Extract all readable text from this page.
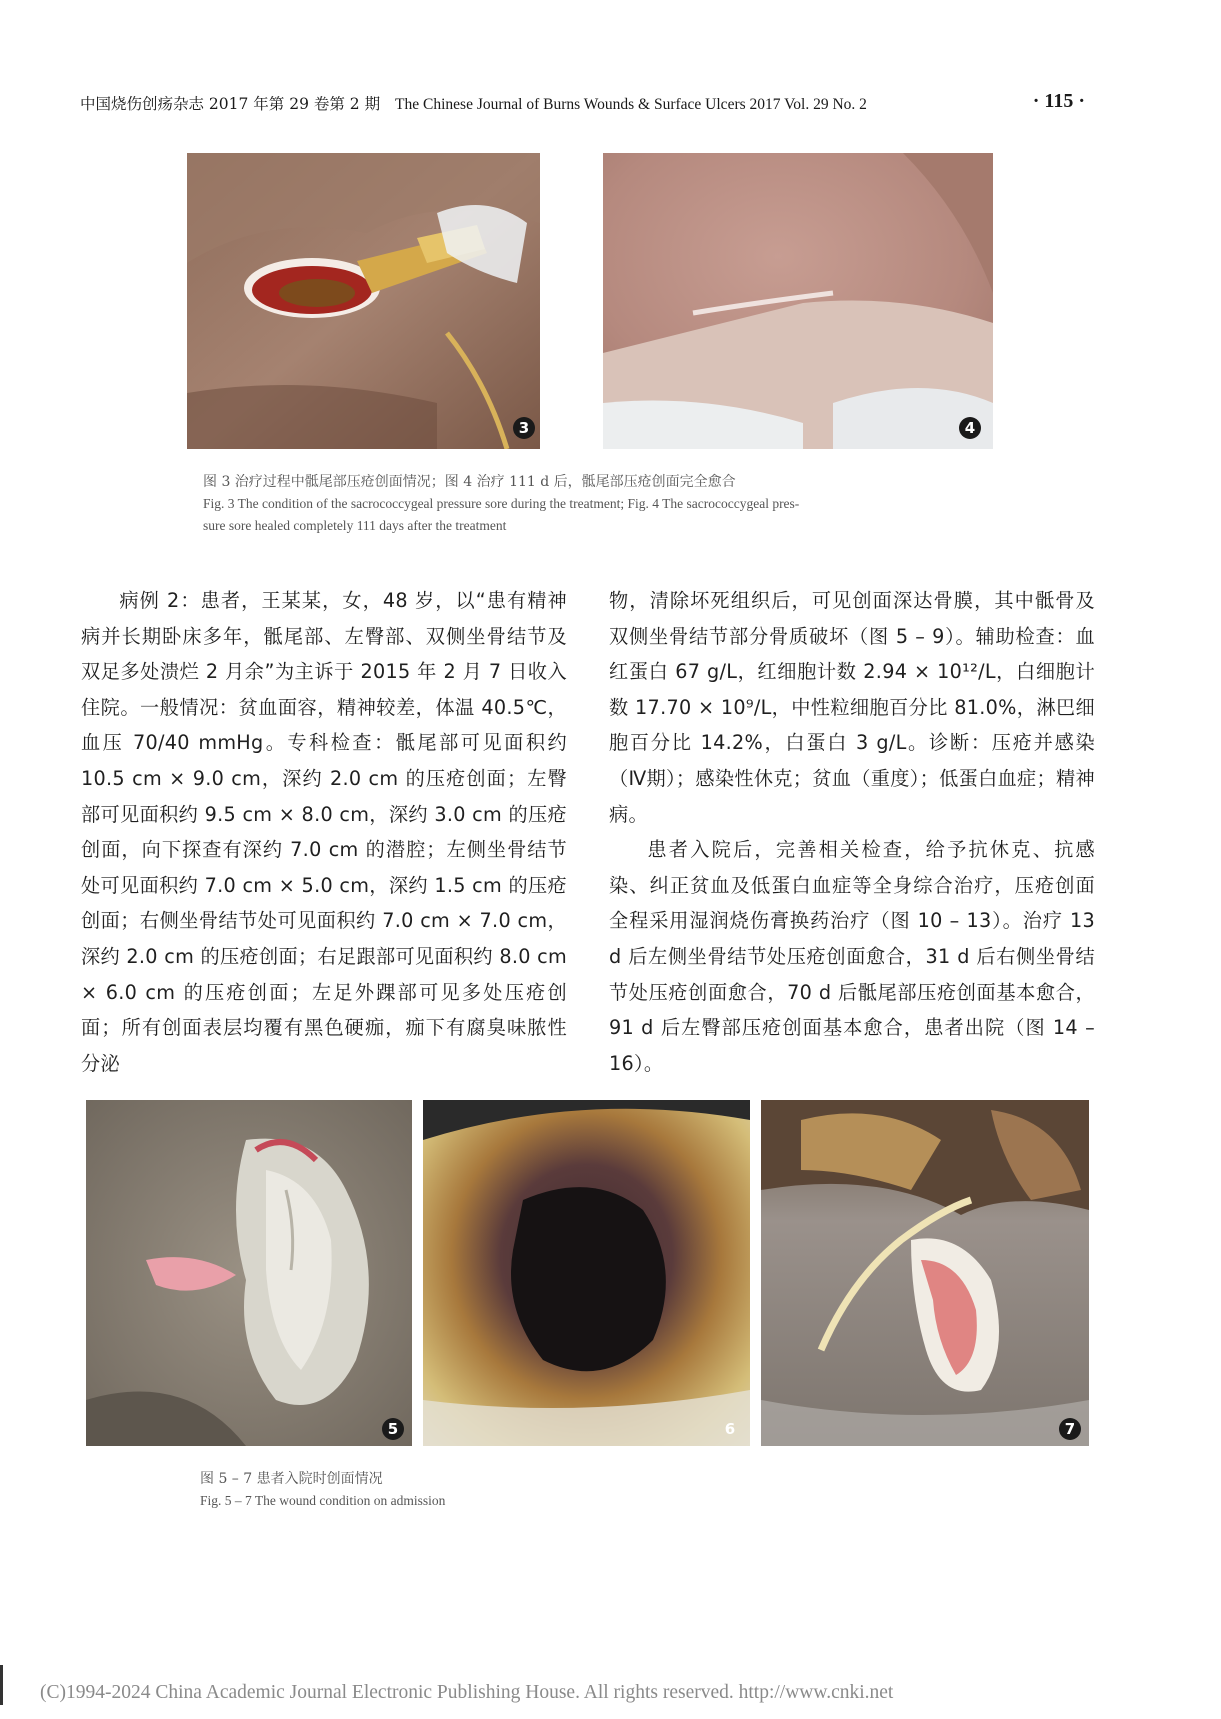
中国烧伤创疡杂志 2017 年第 29 卷第 2 期 The Chinese Journal of Burns Wounds & Surface Ulcers 2017 Vol. 29 No. 2	· 115 ·
3	4
图 3 治疗过程中骶尾部压疮创面情况；图 4 治疗 111 d 后，骶尾部压疮创面完全愈合
Fig. 3 The condition of the sacrococcygeal pressure sore during the treatment; Fig. 4 The sacrococcygeal pres-
sure sore healed completely 111 days after the treatment

病例 2：患者，王某某，女，48 岁，以“患有精神病并长期卧床多年，骶尾部、左臀部、双侧坐骨结节及双足多处溃烂 2 月余”为主诉于 2015 年 2 月 7 日收入住院。一般情况：贫血面容，精神较差，体温 40.5℃，血压 70/40 mmHg。专科检查：骶尾部可见面积约 10.5 cm × 9.0 cm，深约 2.0 cm 的压疮创面；左臀部可见面积约 9.5 cm × 8.0 cm，深约 3.0 cm 的压疮创面，向下探查有深约 7.0 cm 的潜腔；左侧坐骨结节处可见面积约 7.0 cm × 5.0 cm，深约 1.5 cm 的压疮创面；右侧坐骨结节处可见面积约 7.0 cm × 7.0 cm，深约 2.0 cm 的压疮创面；右足跟部可见面积约 8.0 cm × 6.0 cm 的压疮创面；左足外踝部可见多处压疮创面；所有创面表层均覆有黑色硬痂，痂下有腐臭味脓性分泌

物，清除坏死组织后，可见创面深达骨膜，其中骶骨及双侧坐骨结节部分骨质破坏（图 5 – 9）。辅助检查：血红蛋白 67 g/L，红细胞计数 2.94 × 10¹²/L，白细胞计数 17.70 × 10⁹/L，中性粒细胞百分比 81.0%，淋巴细胞百分比 14.2%，白蛋白 3 g/L。诊断：压疮并感染（Ⅳ期）；感染性休克；贫血（重度）；低蛋白血症；精神病。

患者入院后，完善相关检查，给予抗休克、抗感染、纠正贫血及低蛋白血症等全身综合治疗，压疮创面全程采用湿润烧伤膏换药治疗（图 10 – 13）。治疗 13 d 后左侧坐骨结节处压疮创面愈合，31 d 后右侧坐骨结节处压疮创面愈合，70 d 后骶尾部压疮创面基本愈合，91 d 后左臀部压疮创面基本愈合，患者出院（图 14 – 16）。

5	6	7
图 5 – 7 患者入院时创面情况
Fig. 5 – 7 The wound condition on admission
(C)1994-2024 China Academic Journal Electronic Publishing House. All rights reserved. http://www.cnki.net
